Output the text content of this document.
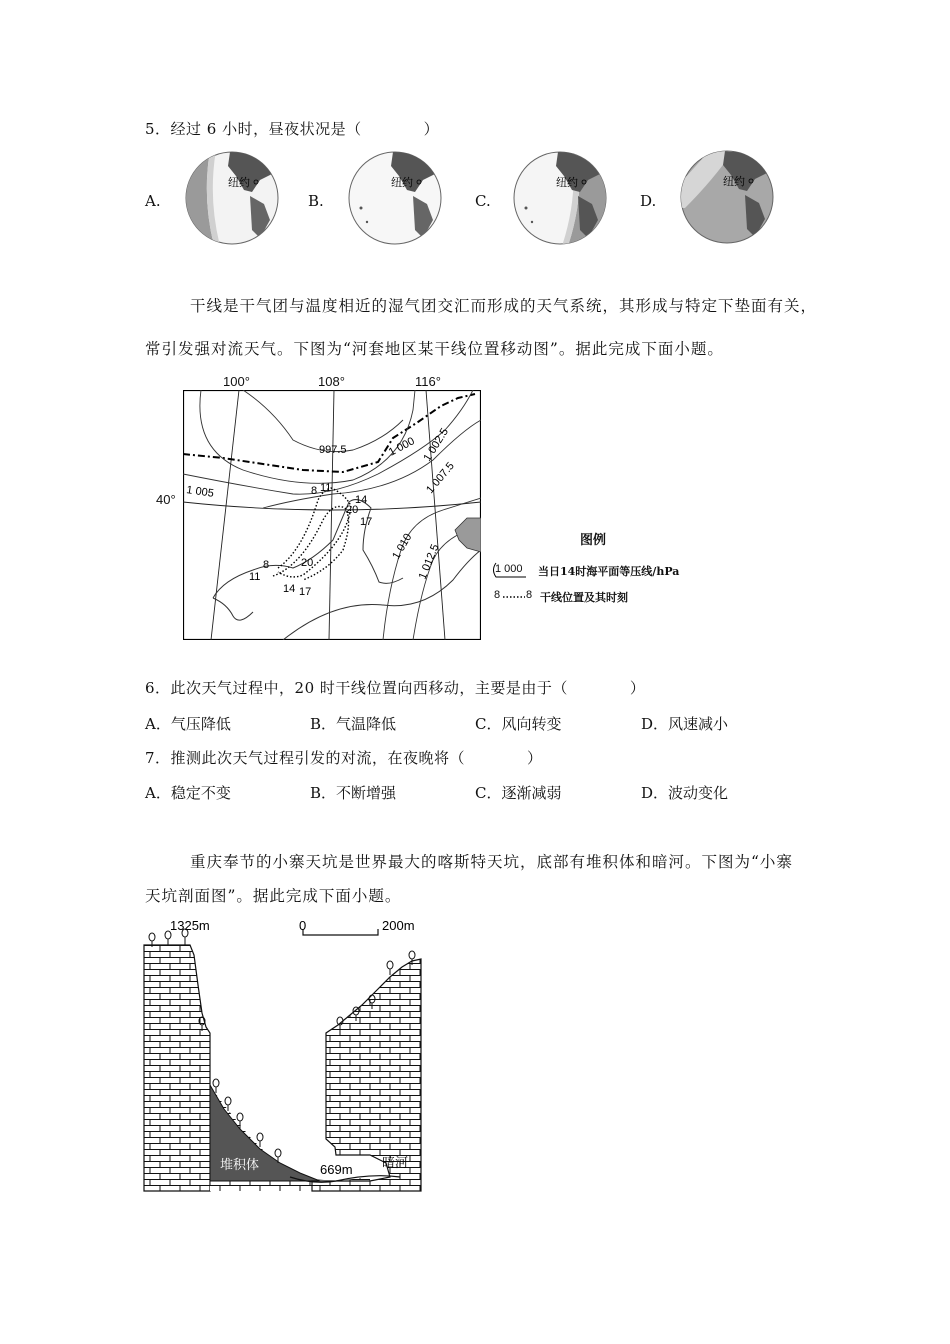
5．经过 6 小时，昼夜状况是（　　　　）
A.
纽约
B.
纽约
C.
纽约
D.
纽约
干线是干气团与温度相近的湿气团交汇而形成的天气系统，其形成与特定下垫面有关，
常引发强对流天气。下图为“河套地区某干线位置移动图”。据此完成下面小题。
100°	108°	116°
40°
997.5	1 000 1 002.5
1 005	1 007.5
1 010 1 012.5
8 11
14
20
17
8
11
14 17
20
图例
1 000 当日14时海平面等压线/hPa
8 8 干线位置及其时刻
6．此次天气过程中，20 时干线位置向西移动，主要是由于（　　　　）
A．气压降低	B．气温降低	C．风向转变	D．风速减小
7．推测此次天气过程引发的对流，在夜晚将（　　　　）
A．稳定不变	B．不断增强	C．逐渐减弱	D．波动变化
重庆奉节的小寨天坑是世界最大的喀斯特天坑，底部有堆积体和暗河。下图为“小寨
天坑剖面图”。据此完成下面小题。
1325m	0	200m
堆积体	669m 暗河
